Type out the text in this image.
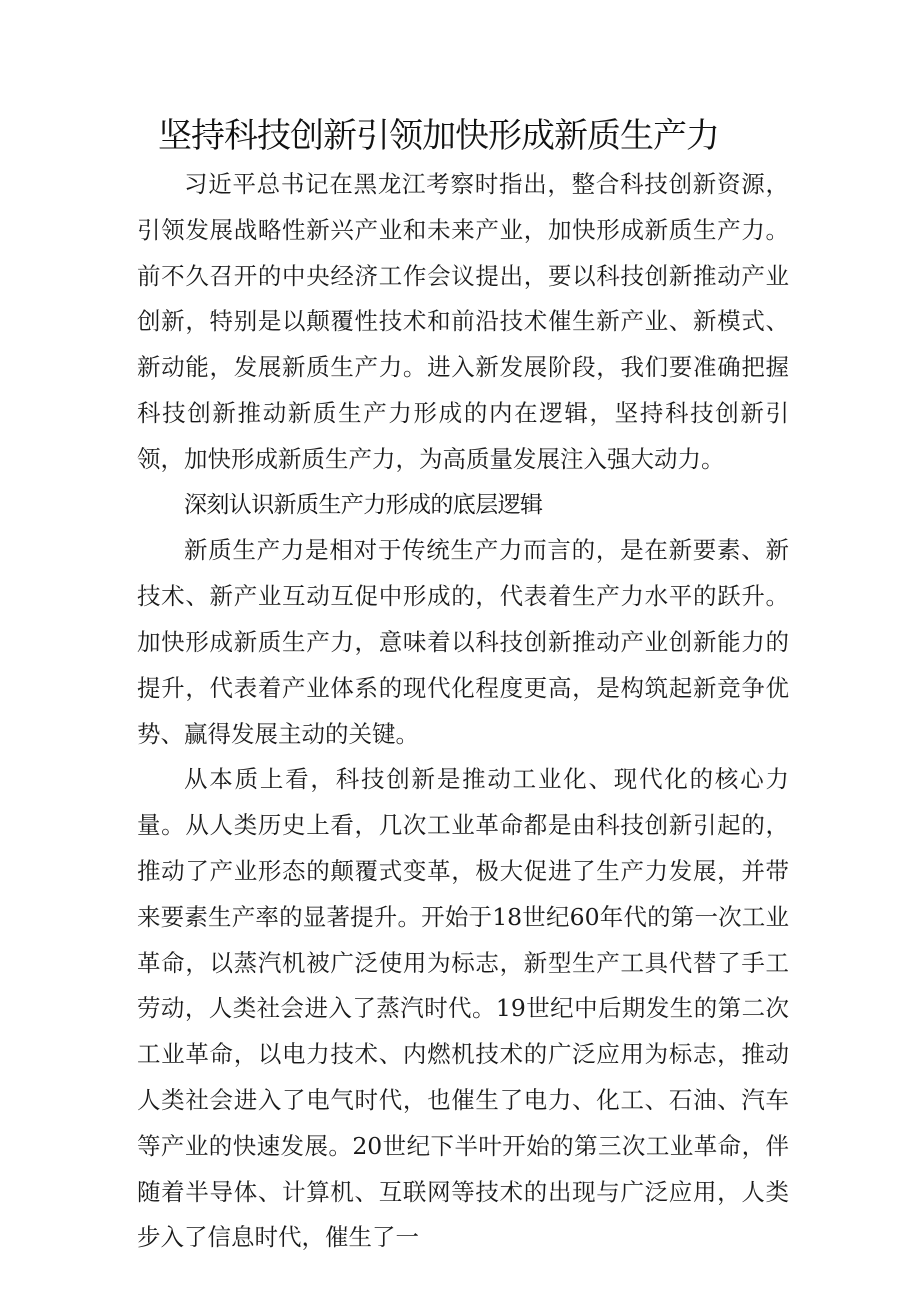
坚持科技创新引领加快形成新质生产力

习近平总书记在黑龙江考察时指出，整合科技创新资源，引领发展战略性新兴产业和未来产业，加快形成新质生产力。前不久召开的中央经济工作会议提出，要以科技创新推动产业创新，特别是以颠覆性技术和前沿技术催生新产业、新模式、新动能，发展新质生产力。进入新发展阶段，我们要准确把握科技创新推动新质生产力形成的内在逻辑，坚持科技创新引领，加快形成新质生产力，为高质量发展注入强大动力。

深刻认识新质生产力形成的底层逻辑

新质生产力是相对于传统生产力而言的，是在新要素、新技术、新产业互动互促中形成的，代表着生产力水平的跃升。加快形成新质生产力，意味着以科技创新推动产业创新能力的提升，代表着产业体系的现代化程度更高，是构筑起新竞争优势、赢得发展主动的关键。

从本质上看，科技创新是推动工业化、现代化的核心力量。从人类历史上看，几次工业革命都是由科技创新引起的，推动了产业形态的颠覆式变革，极大促进了生产力发展，并带来要素生产率的显著提升。开始于18世纪60年代的第一次工业革命，以蒸汽机被广泛使用为标志，新型生产工具代替了手工劳动，人类社会进入了蒸汽时代。19世纪中后期发生的第二次工业革命，以电力技术、内燃机技术的广泛应用为标志，推动人类社会进入了电气时代，也催生了电力、化工、石油、汽车等产业的快速发展。20世纪下半叶开始的第三次工业革命，伴随着半导体、计算机、互联网等技术的出现与广泛应用，人类步入了信息时代，催生了一
